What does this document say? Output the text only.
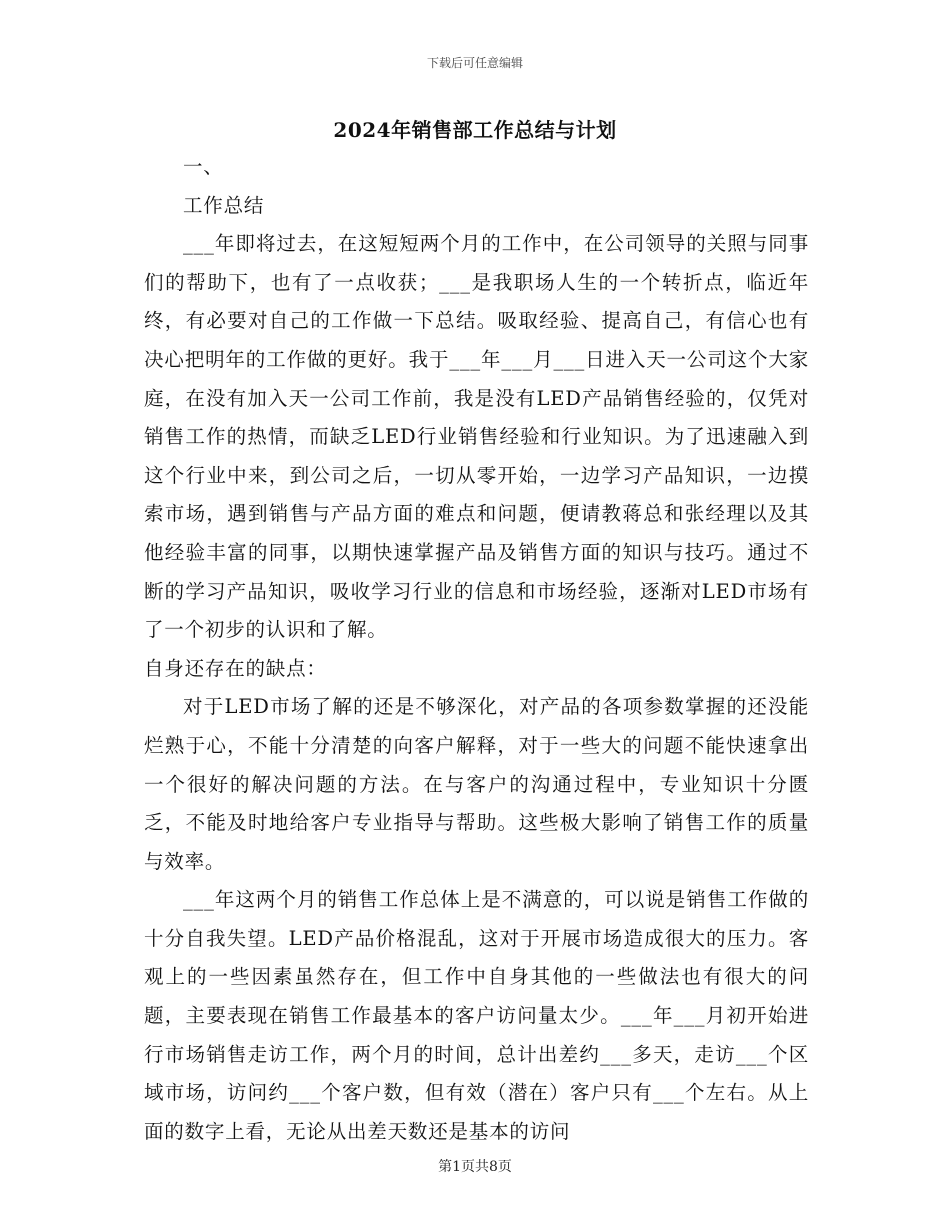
下载后可任意编辑
2024年销售部工作总结与计划

一、

工作总结

___年即将过去，在这短短两个月的工作中，在公司领导的关照与同事们的帮助下，也有了一点收获；___是我职场人生的一个转折点，临近年终，有必要对自己的工作做一下总结。吸取经验、提高自己，有信心也有决心把明年的工作做的更好。我于___年___月___日进入天一公司这个大家庭，在没有加入天一公司工作前，我是没有LED产品销售经验的，仅凭对销售工作的热情，而缺乏LED行业销售经验和行业知识。为了迅速融入到这个行业中来，到公司之后，一切从零开始，一边学习产品知识，一边摸索市场，遇到销售与产品方面的难点和问题，便请教蒋总和张经理以及其他经验丰富的同事，以期快速掌握产品及销售方面的知识与技巧。通过不断的学习产品知识，吸收学习行业的信息和市场经验，逐渐对LED市场有了一个初步的认识和了解。

自身还存在的缺点：

对于LED市场了解的还是不够深化，对产品的各项参数掌握的还没能烂熟于心，不能十分清楚的向客户解释，对于一些大的问题不能快速拿出一个很好的解决问题的方法。在与客户的沟通过程中，专业知识十分匮乏，不能及时地给客户专业指导与帮助。这些极大影响了销售工作的质量与效率。

___年这两个月的销售工作总体上是不满意的，可以说是销售工作做的十分自我失望。LED产品价格混乱，这对于开展市场造成很大的压力。客观上的一些因素虽然存在，但工作中自身其他的一些做法也有很大的问题，主要表现在销售工作最基本的客户访问量太少。___年___月初开始进行市场销售走访工作，两个月的时间，总计出差约___多天，走访___个区域市场，访问约___个客户数，但有效（潜在）客户只有___个左右。从上面的数字上看，无论从出差天数还是基本的访问

第1页共8页
